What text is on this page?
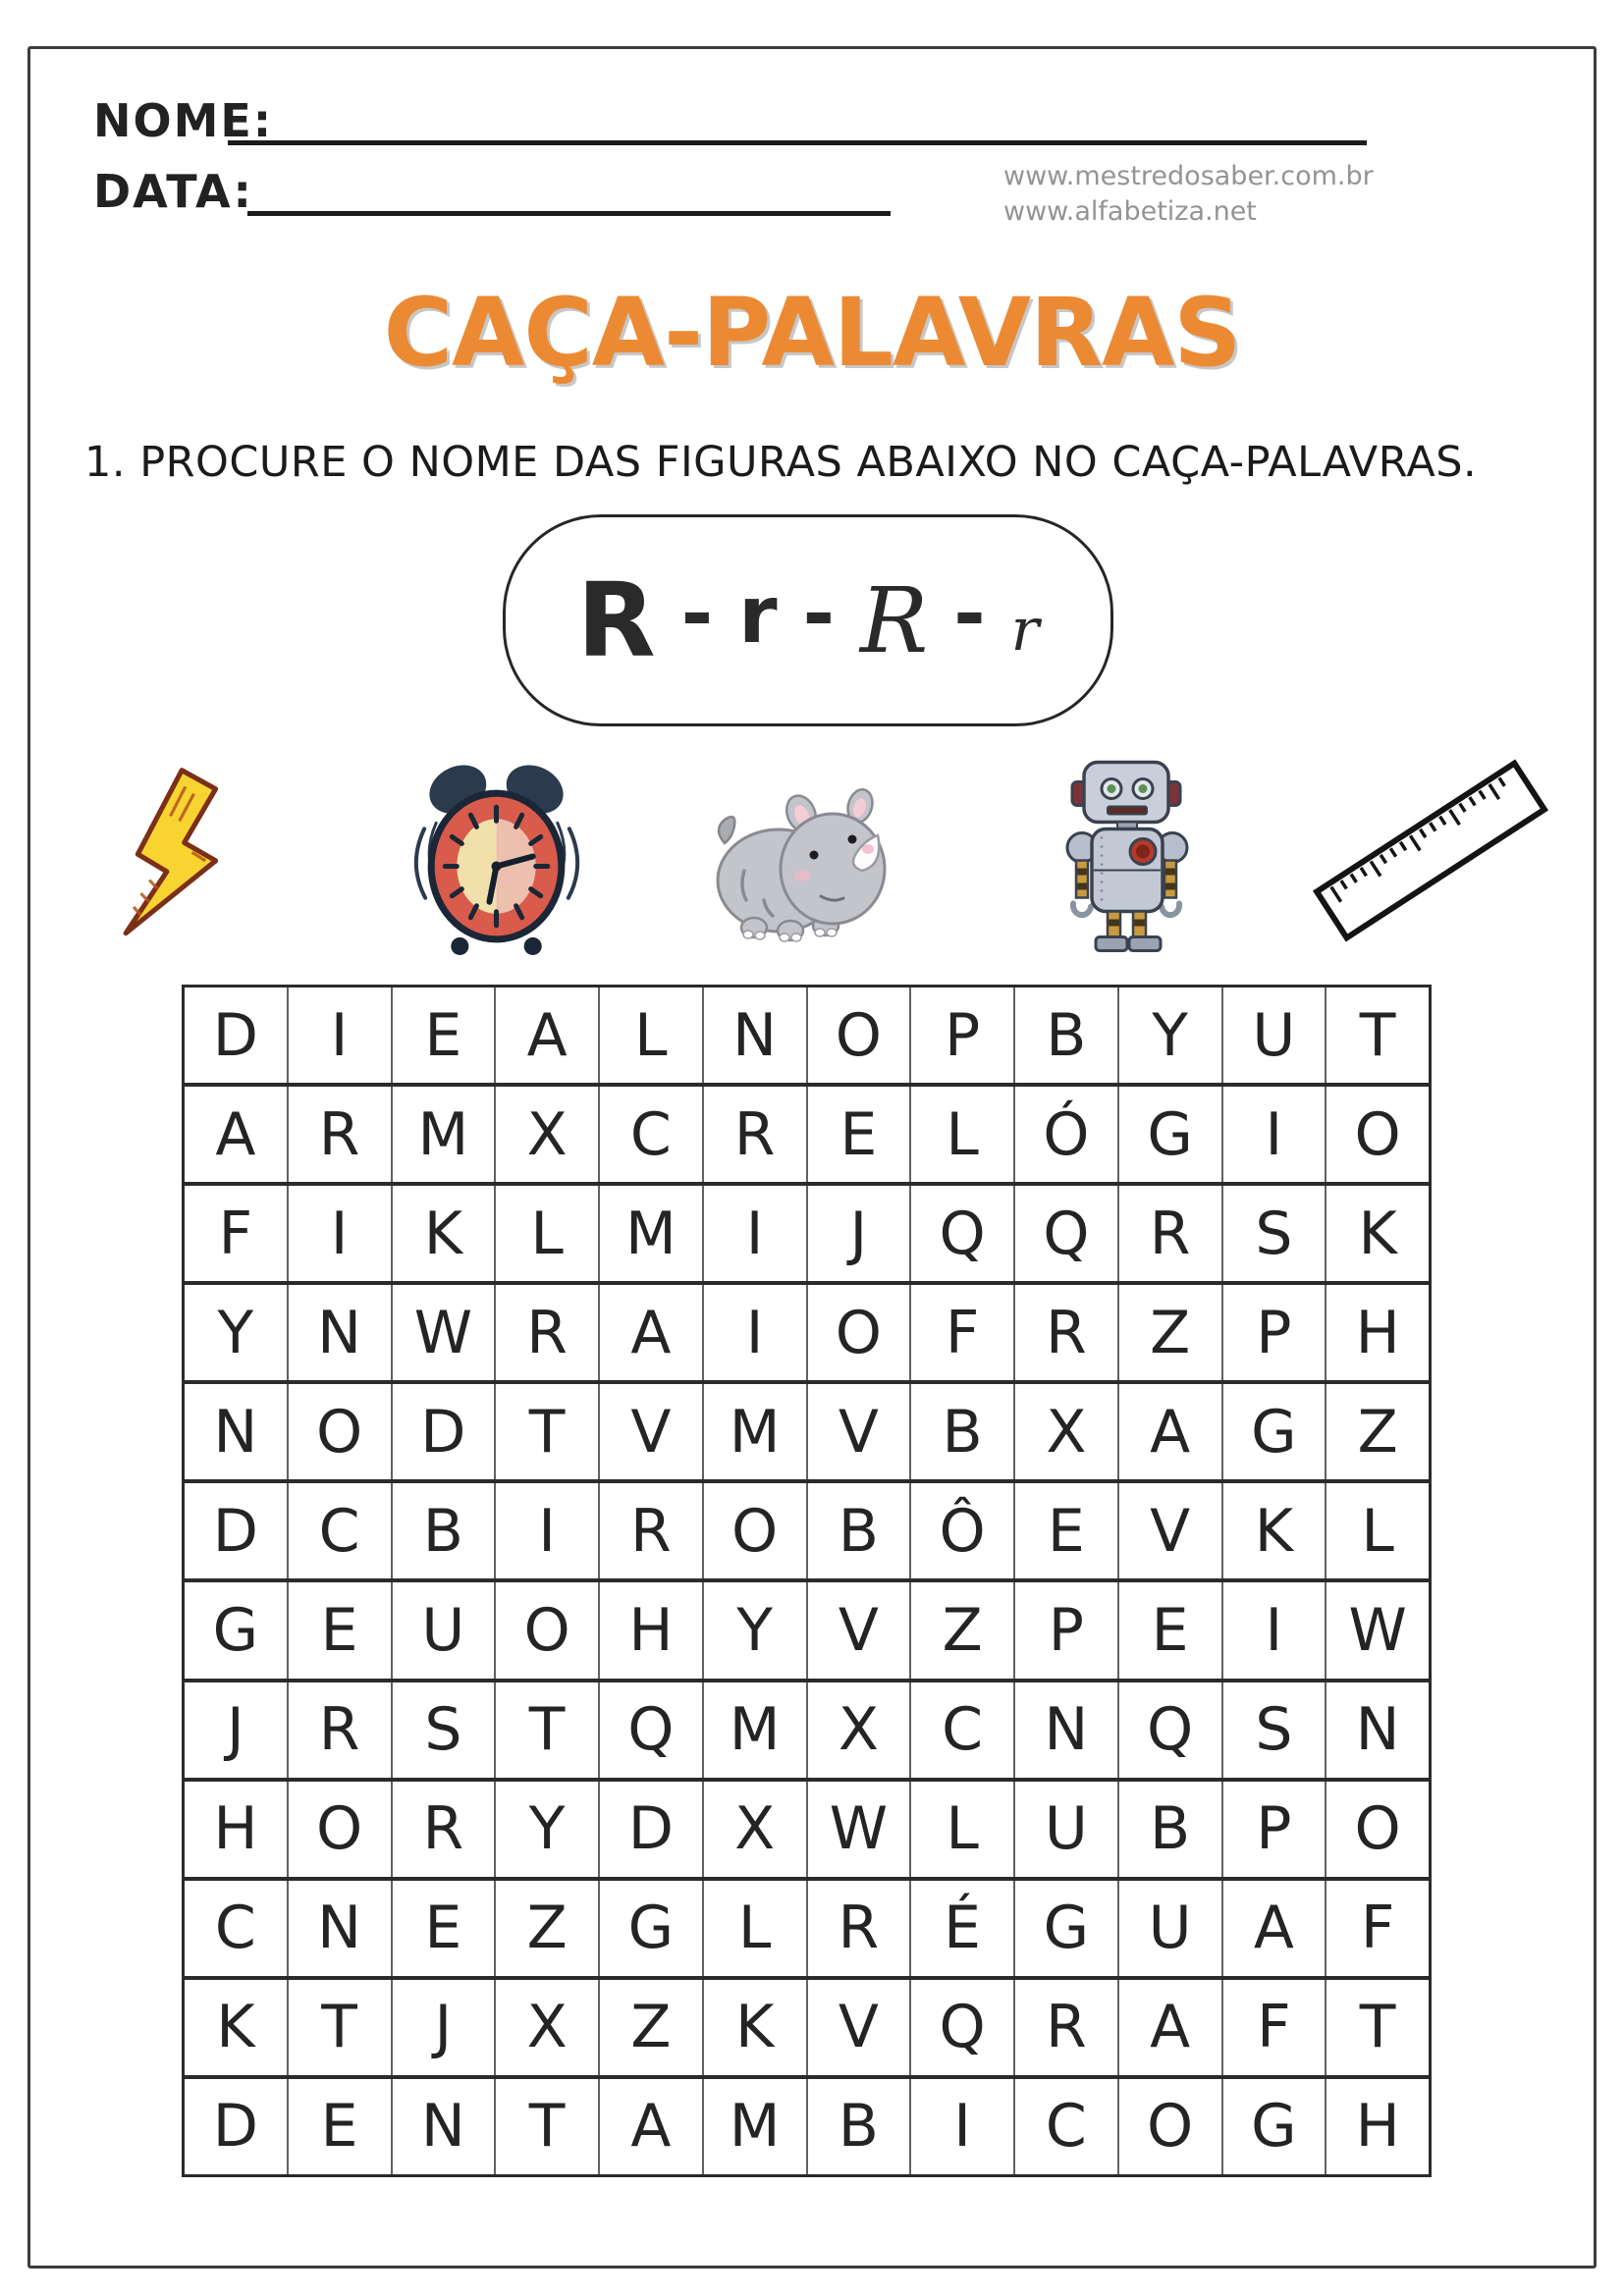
NOME:
DATA:	www.mestredosaber.com.br
www.alfabetiza.net
CAÇA-PALAVRAS
1. PROCURE O NOME DAS FIGURAS ABAIXO NO CAÇA-PALAVRAS.
R - r - R - r
D	I	E	A	L	N O	P	B	Y	U	T
A	R M X	C	R	E	L	Ó G	I	O
F	I	K	L	M	I	J	Q Q	R	S	K
Y	N W R	A	I	O	F	R	Z	P	H
N O D	T	V M V	B	X	A	G	Z
D	C	B	I	R	O	B	Ô	E	V	K	L
G	E	U	O H	Y	V	Z	P	E	I	W
J	R	S	T	Q M X	C	N Q	S	N
H O	R	Y	D	X W L	U	B	P	O
C	N	E	Z	G	L	R	É	G	U	A	F
K	T	J	X	Z	K	V	Q	R	A	F	T
D	E	N	T	A M B	I	C	O G H
